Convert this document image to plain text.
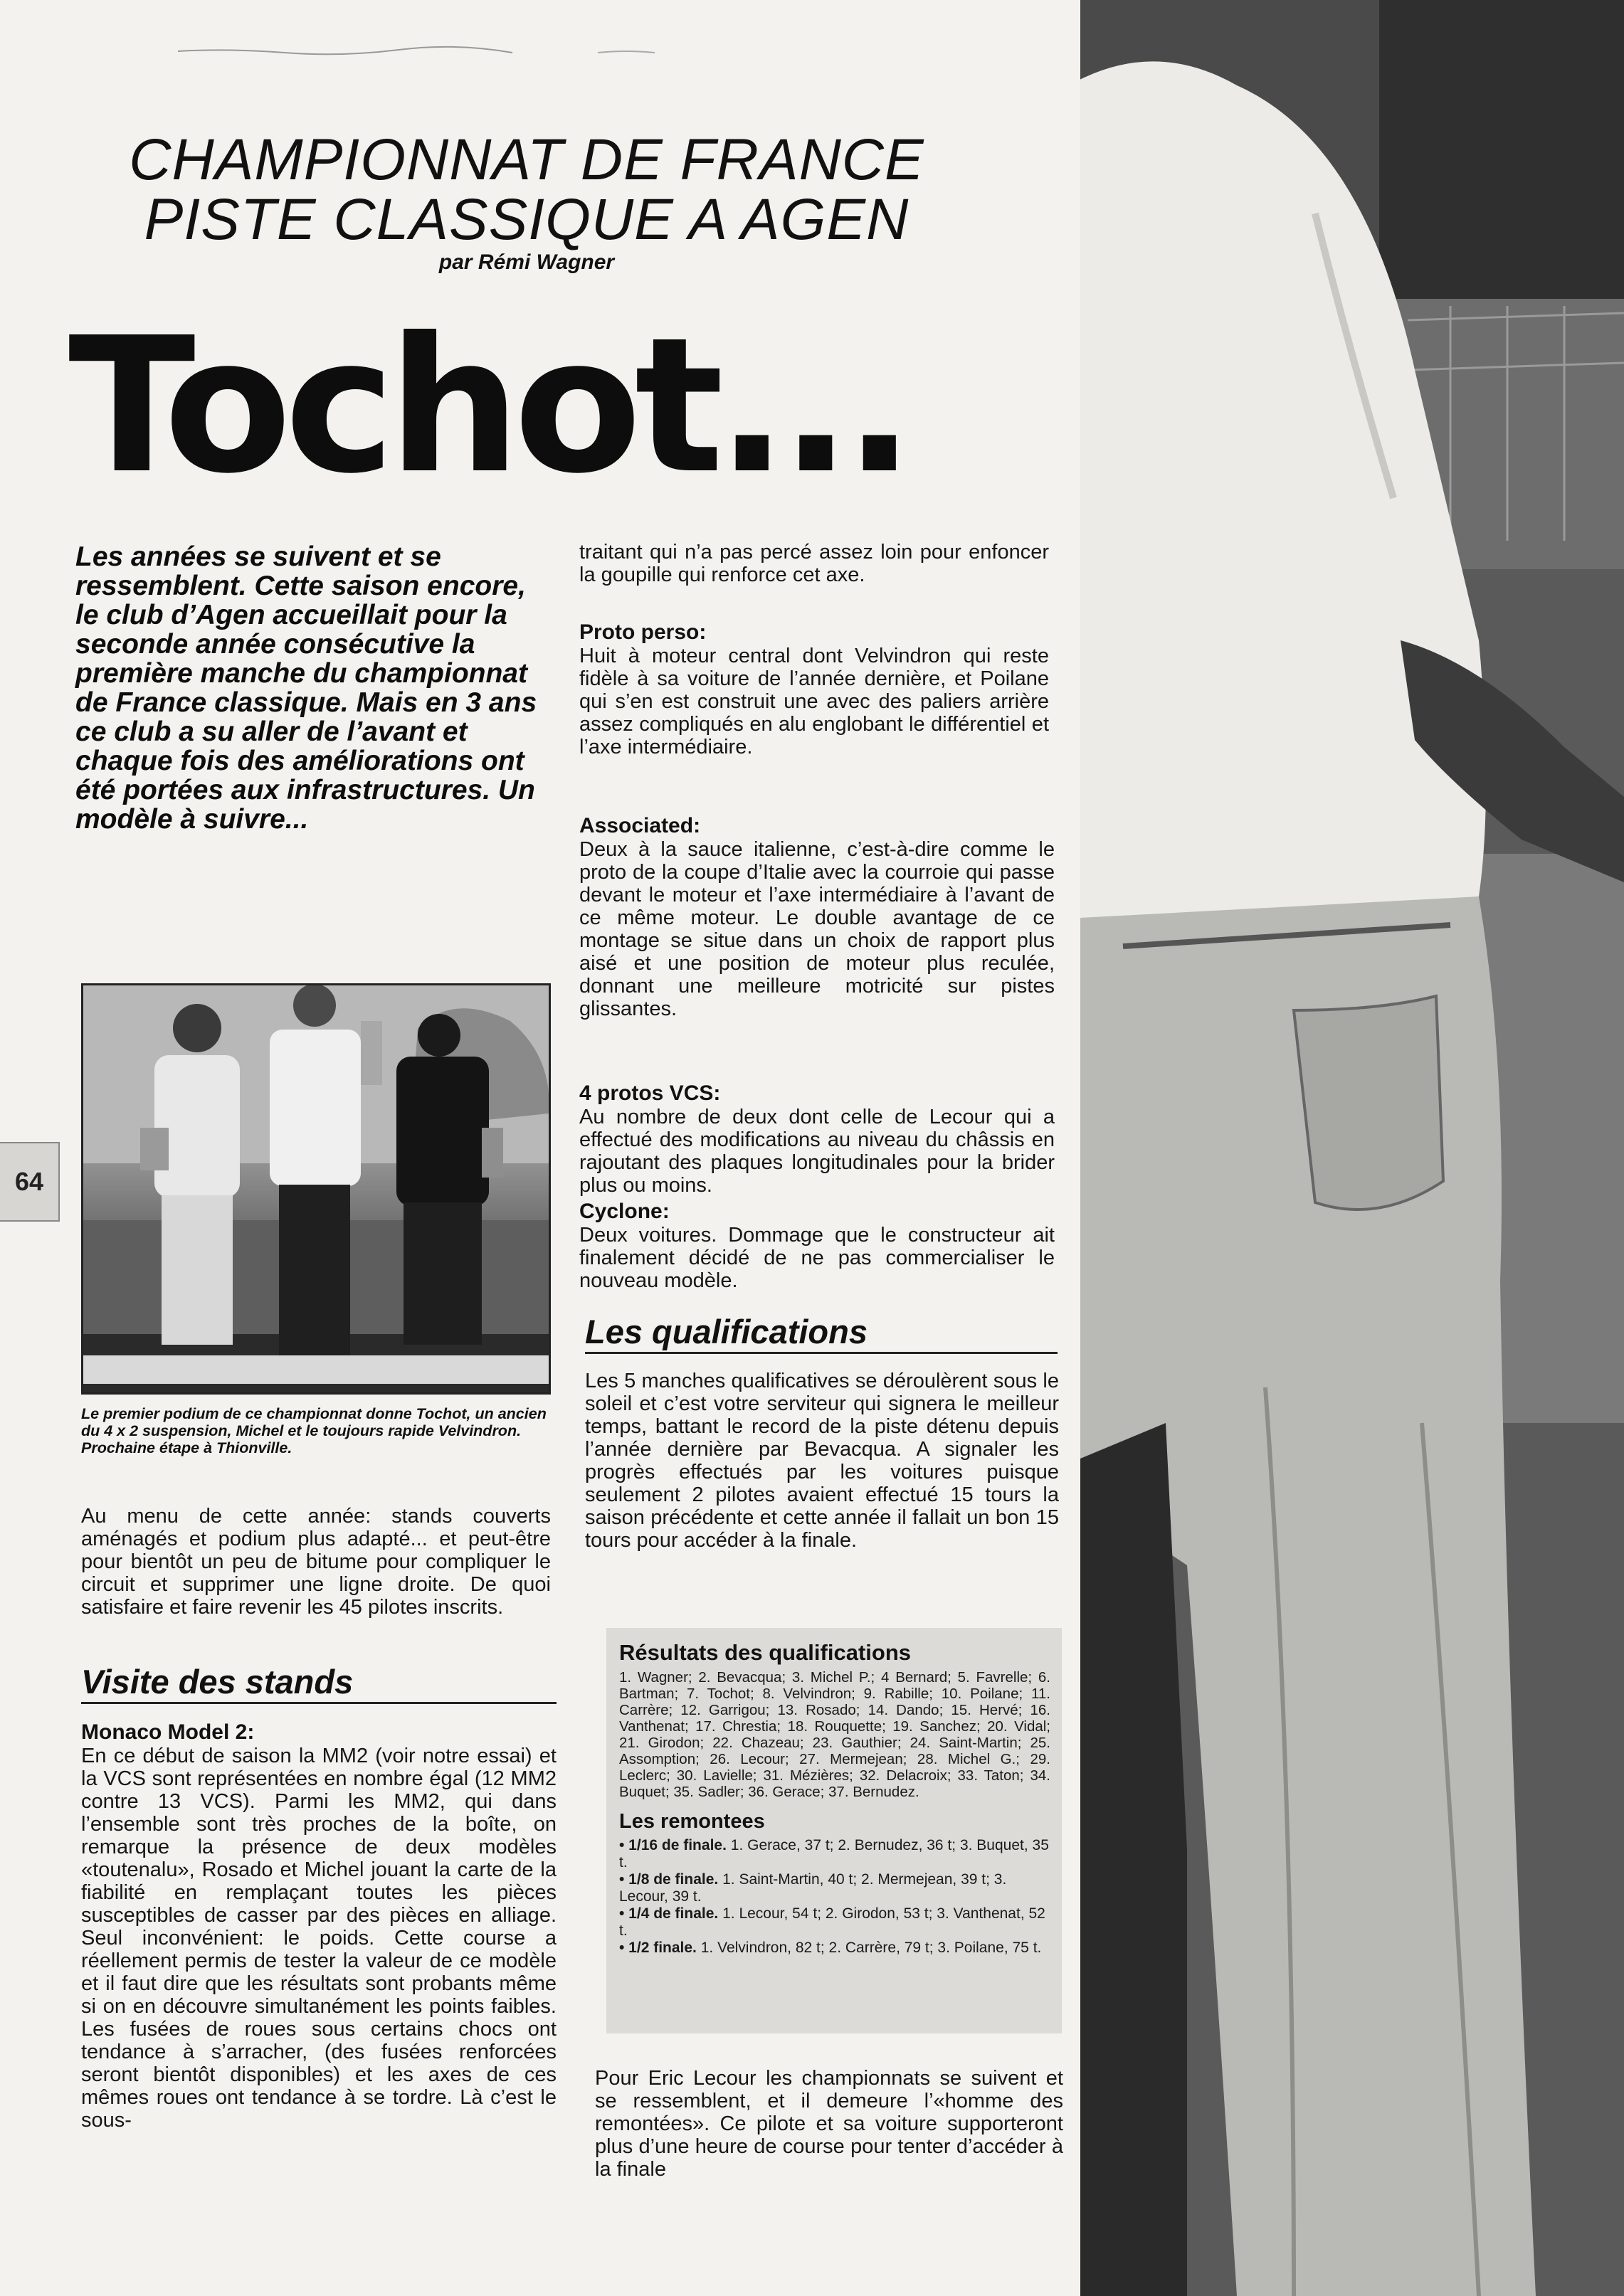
64
CHAMPIONNAT DE FRANCE
PISTE CLASSIQUE A AGEN
par Rémi Wagner
Tochot...

Les années se suivent et se ressemblent. Cette saison encore, le club d’Agen accueillait pour la seconde année consécutive la première manche du championnat de France classique. Mais en 3 ans ce club a su aller de l’avant et chaque fois des améliorations ont été portées aux infrastructures. Un modèle à suivre...

Le premier podium de ce championnat donne Tochot, un ancien du 4 x 2 suspension, Michel et le toujours rapide Velvindron. Prochaine étape à Thionville.

Au menu de cette année: stands couverts aménagés et podium plus adapté... et peut-être pour bientôt un peu de bitume pour compliquer le circuit et supprimer une ligne droite. De quoi satisfaire et faire revenir les 45 pilotes inscrits.

Visite des stands
Monaco Model 2:

En ce début de saison la MM2 (voir notre essai) et la VCS sont représentées en nombre égal (12 MM2 contre 13 VCS). Parmi les MM2, qui dans l’ensemble sont très proches de la boîte, on remarque la présence de deux modèles «toutenalu», Rosado et Michel jouant la carte de la fiabilité en remplaçant toutes les pièces susceptibles de casser par des pièces en alliage. Seul inconvénient: le poids. Cette course a réellement permis de tester la valeur de ce modèle et il faut dire que les résultats sont probants même si on en découvre simultanément les points faibles. Les fusées de roues sous certains chocs ont tendance à s’arracher, (des fusées renforcées seront bientôt disponibles) et les axes de ces mêmes roues ont tendance à se tordre. Là c’est le sous-

traitant qui n’a pas percé assez loin pour enfoncer la goupille qui renforce cet axe.

Proto perso:

Huit à moteur central dont Velvindron qui reste fidèle à sa voiture de l’année dernière, et Poilane qui s’en est construit une avec des paliers arrière assez compliqués en alu englobant le différentiel et l’axe intermédiaire.

Associated:

Deux à la sauce italienne, c’est-à-dire comme le proto de la coupe d’Italie avec la courroie qui passe devant le moteur et l’axe intermédiaire à l’avant de ce même moteur. Le double avantage de ce montage se situe dans un choix de rapport plus aisé et une position de moteur plus reculée, donnant une meilleure motricité sur pistes glissantes.

4 protos VCS:

Au nombre de deux dont celle de Lecour qui a effectué des modifications au niveau du châssis en rajoutant des plaques longitudinales pour la brider plus ou moins.

Cyclone:

Deux voitures. Dommage que le constructeur ait finalement décidé de ne pas commercialiser le nouveau modèle.

Les qualifications

Les 5 manches qualificatives se déroulèrent sous le soleil et c’est votre serviteur qui signera le meilleur temps, battant le record de la piste détenu depuis l’année dernière par Bevacqua. A signaler les progrès effectués par les voitures puisque seulement 2 pilotes avaient effectué 15 tours la saison précédente et cette année il fallait un bon 15 tours pour accéder à la finale.

Résultats des qualifications

1. Wagner; 2. Bevacqua; 3. Michel P.; 4 Bernard; 5. Favrelle; 6. Bartman; 7. Tochot; 8. Velvindron; 9. Rabille; 10. Poilane; 11. Carrère; 12. Garrigou; 13. Rosado; 14. Dando; 15. Hervé; 16. Vanthenat; 17. Chrestia; 18. Rouquette; 19. Sanchez; 20. Vidal; 21. Girodon; 22. Chazeau; 23. Gauthier; 24. Saint-Martin; 25. Assomption; 26. Lecour; 27. Mermejean; 28. Michel G.; 29. Leclerc; 30. Lavielle; 31. Mézières; 32. Delacroix; 33. Taton; 34. Buquet; 35. Sadler; 36. Gerace; 37. Bernudez.

Les remontees

• 1/16 de finale. 1. Gerace, 37 t; 2. Bernudez, 36 t; 3. Buquet, 35 t.

• 1/8 de finale. 1. Saint-Martin, 40 t; 2. Mermejean, 39 t; 3. Lecour, 39 t.

• 1/4 de finale. 1. Lecour, 54 t; 2. Girodon, 53 t; 3. Vanthenat, 52 t.

• 1/2 finale. 1. Velvindron, 82 t; 2. Carrère, 79 t; 3. Poilane, 75 t.

Pour Eric Lecour les championnats se suivent et se ressemblent, et il demeure l’«homme des remontées». Ce pilote et sa voiture supporteront plus d’une heure de course pour tenter d’accéder à la finale
